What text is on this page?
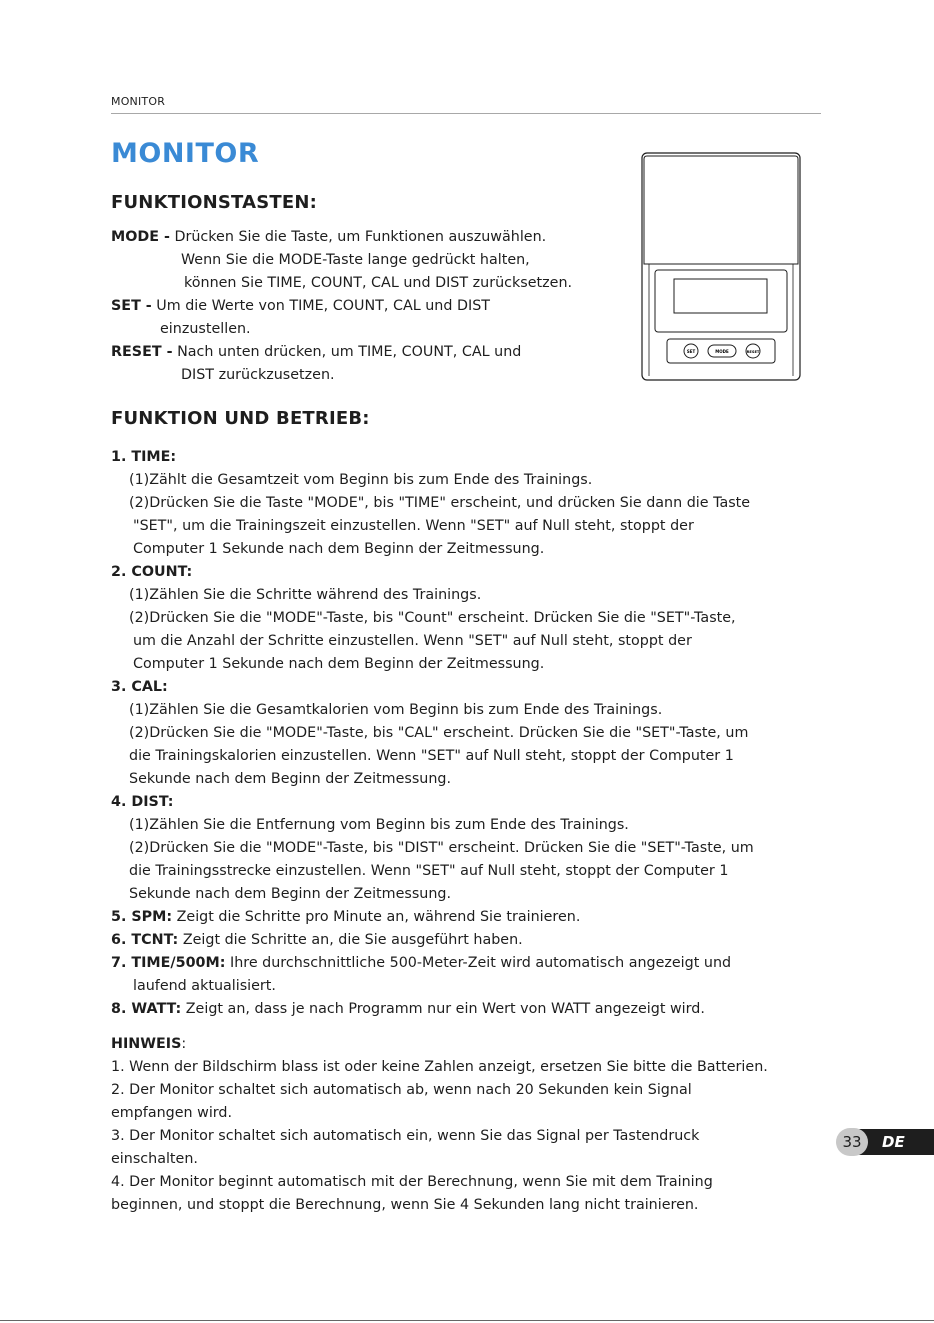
MONITOR
MONITOR
FUNKTIONSTASTEN:
MODE - Drücken Sie die Taste, um Funktionen auszuwählen.
Wenn Sie die MODE-Taste lange gedrückt halten,
können Sie TIME, COUNT, CAL und DIST zurücksetzen.
SET - Um die Werte von TIME, COUNT, CAL und DIST
einzustellen.
RESET - Nach unten drücken, um TIME, COUNT, CAL und
DIST zurückzusetzen.
SET	MODE	RESET
FUNKTION UND BETRIEB:
1. TIME:
(1)Zählt die Gesamtzeit vom Beginn bis zum Ende des Trainings.
(2)Drücken Sie die Taste "MODE", bis "TIME" erscheint, und drücken Sie dann die Taste
"SET", um die Trainingszeit einzustellen. Wenn "SET" auf Null steht, stoppt der
Computer 1 Sekunde nach dem Beginn der Zeitmessung.
2. COUNT:
(1)Zählen Sie die Schritte während des Trainings.
(2)Drücken Sie die "MODE"-Taste, bis "Count" erscheint. Drücken Sie die "SET"-Taste,
um die Anzahl der Schritte einzustellen. Wenn "SET" auf Null steht, stoppt der
Computer 1 Sekunde nach dem Beginn der Zeitmessung.
3. CAL:
(1)Zählen Sie die Gesamtkalorien vom Beginn bis zum Ende des Trainings.
(2)Drücken Sie die "MODE"-Taste, bis "CAL" erscheint. Drücken Sie die "SET"-Taste, um
die Trainingskalorien einzustellen. Wenn "SET" auf Null steht, stoppt der Computer 1
Sekunde nach dem Beginn der Zeitmessung.
4. DIST:
(1)Zählen Sie die Entfernung vom Beginn bis zum Ende des Trainings.
(2)Drücken Sie die "MODE"-Taste, bis "DIST" erscheint. Drücken Sie die "SET"-Taste, um
die Trainingsstrecke einzustellen. Wenn "SET" auf Null steht, stoppt der Computer 1
Sekunde nach dem Beginn der Zeitmessung.
5. SPM: Zeigt die Schritte pro Minute an, während Sie trainieren.
6. TCNT: Zeigt die Schritte an, die Sie ausgeführt haben.
7. TIME/500M: Ihre durchschnittliche 500-Meter-Zeit wird automatisch angezeigt und
laufend aktualisiert.
8. WATT: Zeigt an, dass je nach Programm nur ein Wert von WATT angezeigt wird.
HINWEIS:
1. Wenn der Bildschirm blass ist oder keine Zahlen anzeigt, ersetzen Sie bitte die Batterien.
2. Der Monitor schaltet sich automatisch ab, wenn nach 20 Sekunden kein Signal
empfangen wird.
3. Der Monitor schaltet sich automatisch ein, wenn Sie das Signal per Tastendruck
einschalten.
4. Der Monitor beginnt automatisch mit der Berechnung, wenn Sie mit dem Training
beginnen, und stoppt die Berechnung, wenn Sie 4 Sekunden lang nicht trainieren.
DE
33
